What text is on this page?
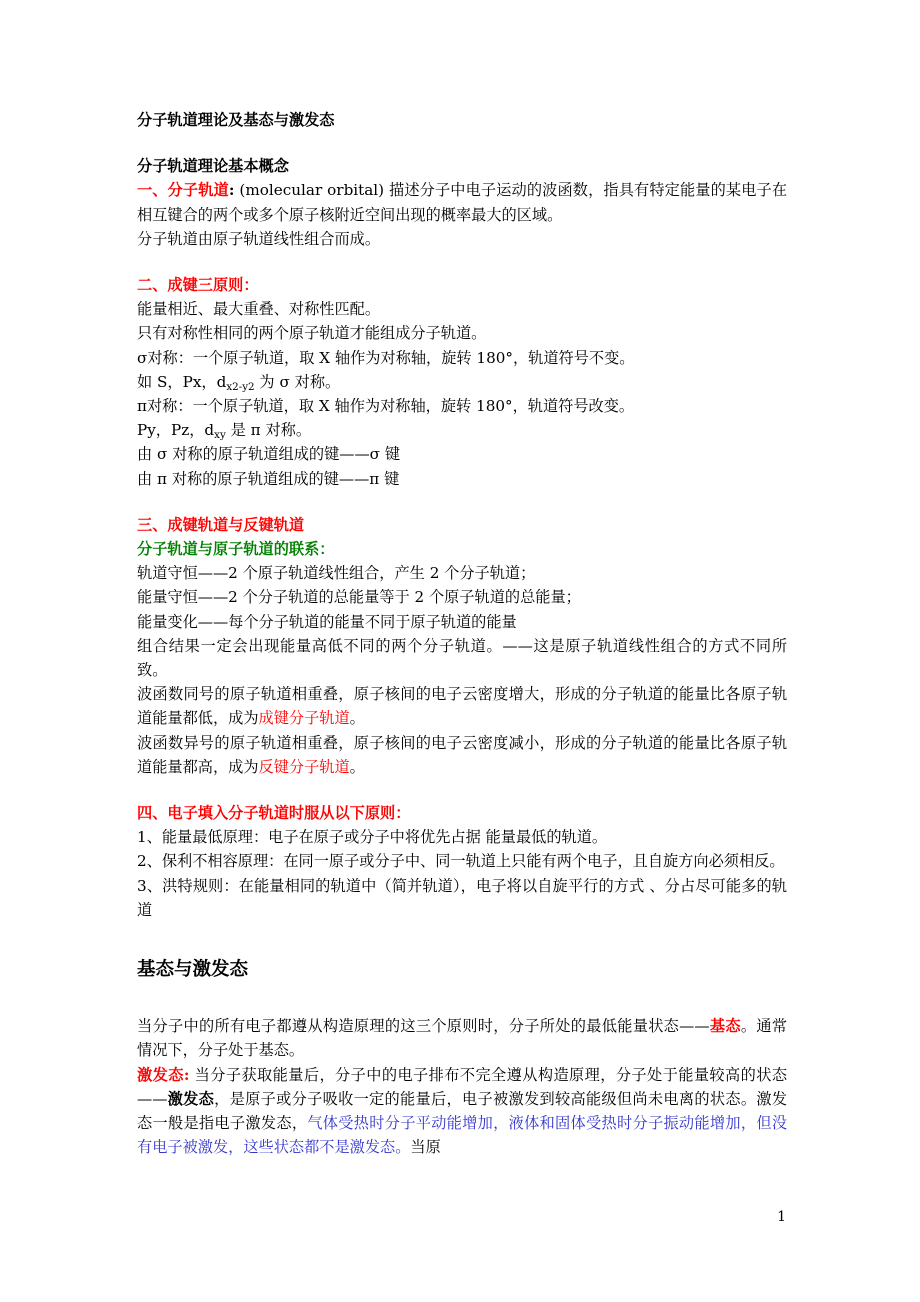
分子轨道理论及基态与激发态
分子轨道理论基本概念
一、分子轨道: (molecular orbital) 描述分子中电子运动的波函数，指具有特定能量的某电子在相互键合的两个或多个原子核附近空间出现的概率最大的区域。
分子轨道由原子轨道线性组合而成。
二、成键三原则：
能量相近、最大重叠、对称性匹配。
只有对称性相同的两个原子轨道才能组成分子轨道。
σ对称：一个原子轨道，取 X 轴作为对称轴，旋转 180°，轨道符号不变。
如 S，Px，$d_{x2-y2}$ 为 σ 对称。
π对称：一个原子轨道，取 X 轴作为对称轴，旋转 180°，轨道符号改变。
Py，Pz，$d_{xy}$ 是 π 对称。
由 σ 对称的原子轨道组成的键——σ 键
由 π 对称的原子轨道组成的键——π 键
三、成键轨道与反键轨道
分子轨道与原子轨道的联系：
轨道守恒——2 个原子轨道线性组合，产生 2 个分子轨道；
能量守恒——2 个分子轨道的总能量等于 2 个原子轨道的总能量；
能量变化——每个分子轨道的能量不同于原子轨道的能量
组合结果一定会出现能量高低不同的两个分子轨道。——这是原子轨道线性组合的方式不同所致。
波函数同号的原子轨道相重叠，原子核间的电子云密度增大，形成的分子轨道的能量比各原子轨道能量都低，成为成键分子轨道。
波函数异号的原子轨道相重叠，原子核间的电子云密度减小，形成的分子轨道的能量比各原子轨道能量都高，成为反键分子轨道。
四、电子填入分子轨道时服从以下原则：
1、能量最低原理：电子在原子或分子中将优先占据 能量最低的轨道。
2、保利不相容原理：在同一原子或分子中、同一轨道上只能有两个电子，且自旋方向必须相反。
3、洪特规则：在能量相同的轨道中（简并轨道），电子将以自旋平行的方式 、分占尽可能多的轨道
基态与激发态
当分子中的所有电子都遵从构造原理的这三个原则时，分子所处的最低能量状态——基态。通常情况下，分子处于基态。
激发态: 当分子获取能量后，分子中的电子排布不完全遵从构造原理，分子处于能量较高的状态——激发态，是原子或分子吸收一定的能量后，电子被激发到较高能级但尚未电离的状态。激发态一般是指电子激发态，气体受热时分子平动能增加，液体和固体受热时分子振动能增加，但没有电子被激发，这些状态都不是激发态。当原
1
